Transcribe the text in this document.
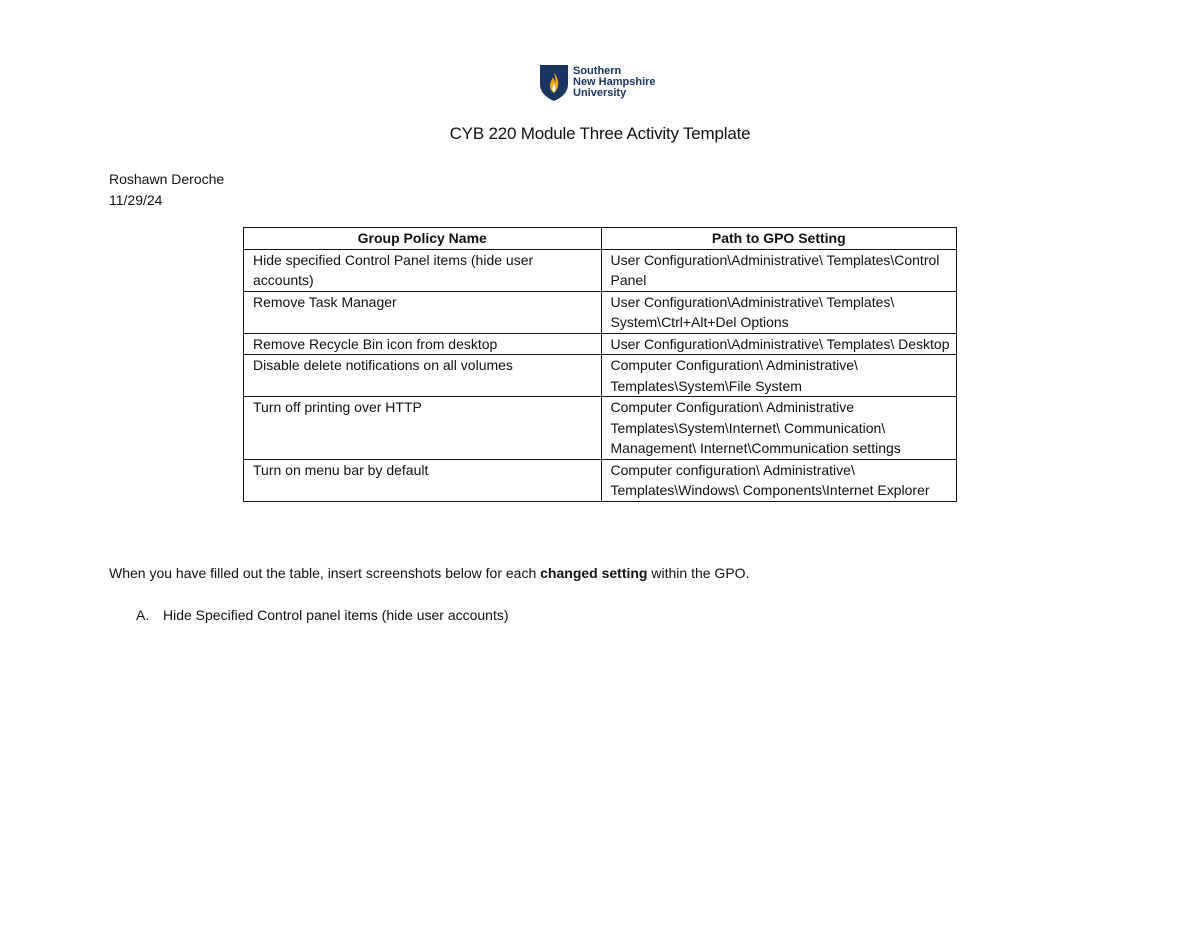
Southern
New Hampshire
University
CYB 220 Module Three Activity Template
Roshawn Deroche
11/29/24
Group Policy Name	Path to GPO Setting
Hide specified Control Panel items (hide user accounts)	User Configuration\Administrative\ Templates\Control Panel
Remove Task Manager	User Configuration\Administrative\ Templates\ System\Ctrl+Alt+Del Options
Remove Recycle Bin icon from desktop	User Configuration\Administrative\ Templates\ Desktop
Disable delete notifications on all volumes	Computer Configuration\ Administrative\ Templates\System\File System
Turn off printing over HTTP	Computer Configuration\ Administrative Templates\System\Internet\ Communication\ Management\ Internet\Communication settings
Turn on menu bar by default	Computer configuration\ Administrative\ Templates\Windows\ Components\Internet Explorer
When you have filled out the table, insert screenshots below for each changed setting within the GPO.
A. Hide Specified Control panel items (hide user accounts)
